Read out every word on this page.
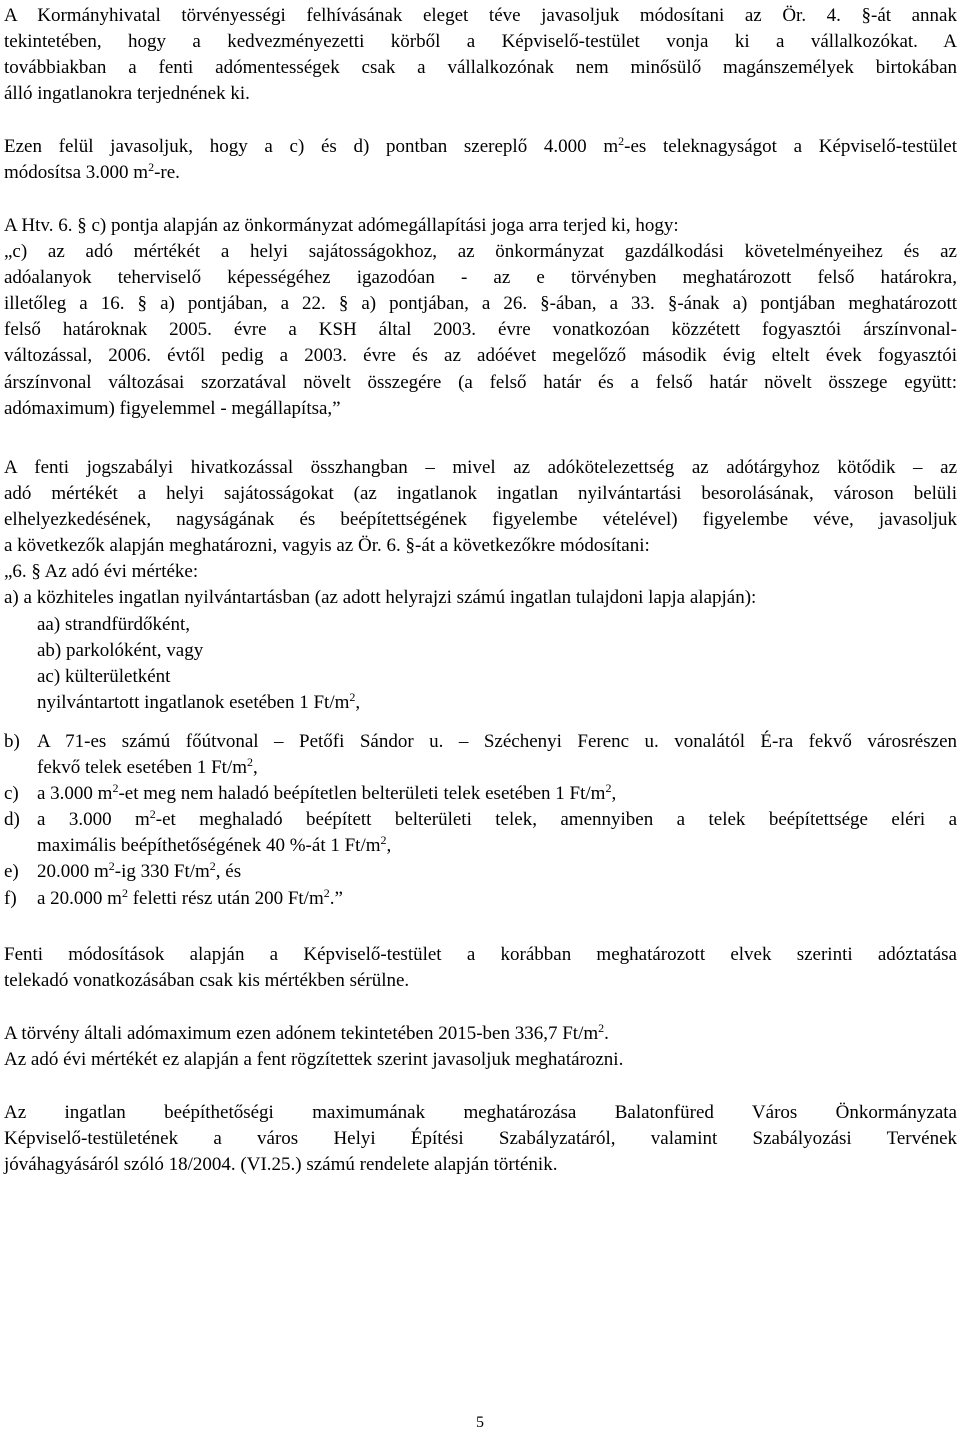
A Kormányhivatal törvényességi felhívásának eleget téve javasoljuk módosítani az Ör. 4. §-át annak
tekintetében, hogy a kedvezményezetti körből a Képviselő-testület vonja ki a vállalkozókat. A
továbbiakban a fenti adómentességek csak a vállalkozónak nem minősülő magánszemélyek birtokában
álló ingatlanokra terjednének ki.
Ezen felül javasoljuk, hogy a c) és d) pontban szereplő 4.000 $m^2-es$ teleknagyságot a Képviselő-testület
módosítsa 3.000 $m^2-re$.
A Htv. 6. § c) pontja alapján az önkormányzat adómegállapítási joga arra terjed ki, hogy:
„c) az adó mértékét a helyi sajátosságokhoz, az önkormányzat gazdálkodási követelményeihez és az
adóalanyok teherviselő képességéhez igazodóan - az e törvényben meghatározott felső határokra,
illetőleg a 16. § a) pontjában, a 22. § a) pontjában, a 26. §-ában, a 33. §-ának a) pontjában meghatározott
felső határoknak 2005. évre a KSH által 2003. évre vonatkozóan közzétett fogyasztói árszínvonal-
változással, 2006. évtől pedig a 2003. évre és az adóévet megelőző második évig eltelt évek fogyasztói
árszínvonal változásai szorzatával növelt összegére (a felső határ és a felső határ növelt összege együtt:
adómaximum) figyelemmel - megállapítsa,”
A fenti jogszabályi hivatkozással összhangban – mivel az adókötelezettség az adótárgyhoz kötődik – az
adó mértékét a helyi sajátosságokat (az ingatlanok ingatlan nyilvántartási besorolásának, városon belüli
elhelyezkedésének, nagyságának és beépítettségének figyelembe vételével) figyelembe véve, javasoljuk
a következők alapján meghatározni, vagyis az Ör. 6. §-át a következőkre módosítani:
„6. § Az adó évi mértéke:
a) a közhiteles ingatlan nyilvántartásban (az adott helyrajzi számú ingatlan tulajdoni lapja alapján):
aa) strandfürdőként,
ab) parkolóként, vagy
ac) külterületként
nyilvántartott ingatlanok esetében 1 $Ft/m^2$,
b) A 71-es számú főútvonal – Petőfi Sándor u. – Széchenyi Ferenc u. vonalától É-ra fekvő városrészen
fekvő telek esetében 1 $Ft/m^2$,
c) a 3.000 $m^2-et$ meg nem haladó beépítetlen belterületi telek esetében 1 $Ft/m^2$,
d) a 3.000 $m^2-et$ meghaladó beépített belterületi telek, amennyiben a telek beépítettsége eléri a
maximális beépíthetőségének 40 %-át 1 $Ft/m^2$,
e) 20.000 $m^2-ig$ 330 $Ft/m^2$, és
f) a 20.000 $m^2$ feletti rész után 200 $Ft/m^2$.”
Fenti módosítások alapján a Képviselő-testület a korábban meghatározott elvek szerinti adóztatása
telekadó vonatkozásában csak kis mértékben sérülne.
A törvény általi adómaximum ezen adónem tekintetében 2015-ben 336,7 $Ft/m^2$.
Az adó évi mértékét ez alapján a fent rögzítettek szerint javasoljuk meghatározni.
Az ingatlan beépíthetőségi maximumának meghatározása Balatonfüred Város Önkormányzata
Képviselő-testületének a város Helyi Építési Szabályzatáról, valamint Szabályozási Tervének
jóváhagyásáról szóló 18/2004. (VI.25.) számú rendelete alapján történik.
5
